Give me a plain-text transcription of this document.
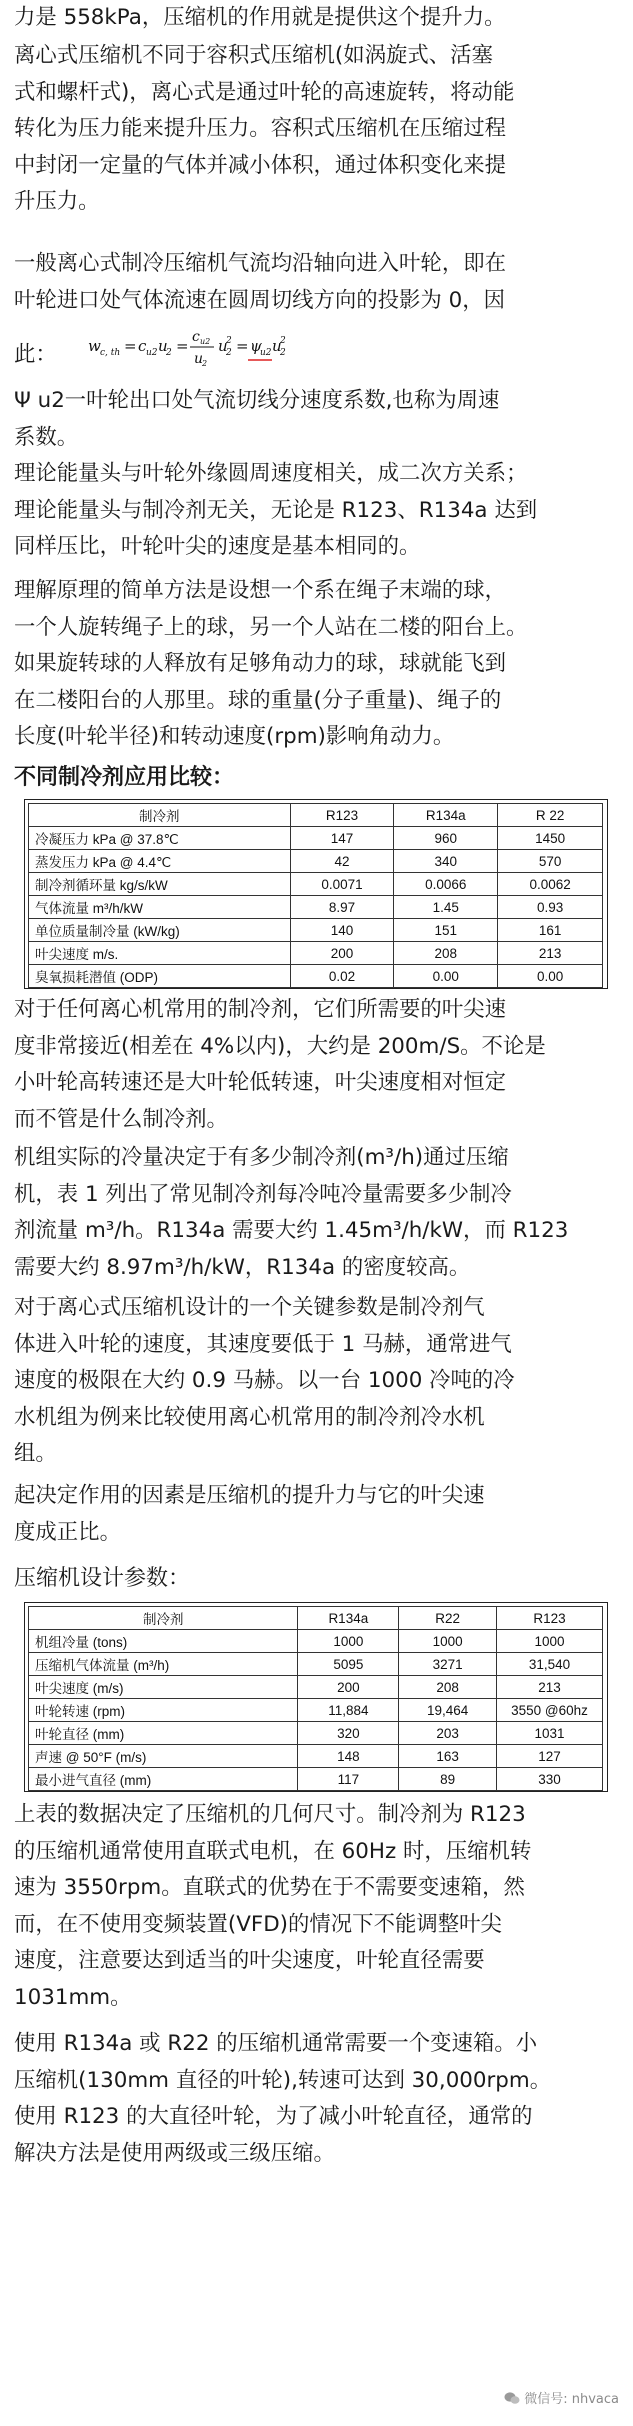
力是 558kPa，压缩机的作用就是提供这个提升力。
离心式压缩机不同于容积式压缩机(如涡旋式、活塞
式和螺杆式)，离心式是通过叶轮的高速旋转，将动能
转化为压力能来提升压力。容积式压缩机在压缩过程
中封闭一定量的气体并减小体积，通过体积变化来提
升压力。
一般离心式制冷压缩机气流均沿轴向进入叶轮，即在
叶轮进口处气体流速在圆周切线方向的投影为 0，因
此： w c, th = c u2 u
2 = c u2
u
2
u
2
2 = ψ
u2 u
2
2
Ψ u2一叶轮出口处气流切线分速度系数,也称为周速
系数。
理论能量头与叶轮外缘圆周速度相关，成二次方关系；
理论能量头与制冷剂无关，无论是 R123、R134a 达到
同样压比，叶轮叶尖的速度是基本相同的。
理解原理的简单方法是设想一个系在绳子末端的球，
一个人旋转绳子上的球，另一个人站在二楼的阳台上。
如果旋转球的人释放有足够角动力的球，球就能飞到
在二楼阳台的人那里。球的重量(分子重量)、绳子的
长度(叶轮半径)和转动速度(rpm)影响角动力。
不同制冷剂应用比较：
制冷剂	R123	R134a	R 22
冷凝压力 kPa @ 37.8℃	147	960	1450
蒸发压力 kPa @ 4.4℃	42	340	570
制冷剂循环量 kg/s/kW	0.0071	0.0066	0.0062
气体流量 m³/h/kW	8.97	1.45	0.93
单位质量制冷量 (kW/kg)	140	151	161
叶尖速度 m/s.	200	208	213
臭氧损耗潜值 (ODP)	0.02	0.00	0.00
对于任何离心机常用的制冷剂，它们所需要的叶尖速
度非常接近(相差在 4%以内)，大约是 200m/S。不论是
小叶轮高转速还是大叶轮低转速，叶尖速度相对恒定
而不管是什么制冷剂。
机组实际的冷量决定于有多少制冷剂(m³/h)通过压缩
机，表 1 列出了常见制冷剂每冷吨冷量需要多少制冷
剂流量 m³/h。R134a 需要大约 1.45m³/h/kW，而 R123
需要大约 8.97m³/h/kW，R134a 的密度较高。
对于离心式压缩机设计的一个关键参数是制冷剂气
体进入叶轮的速度，其速度要低于 1 马赫，通常进气
速度的极限在大约 0.9 马赫。以一台 1000 冷吨的冷
水机组为例来比较使用离心机常用的制冷剂冷水机
组。
起决定作用的因素是压缩机的提升力与它的叶尖速
度成正比。
压缩机设计参数：
制冷剂	R134a	R22	R123
机组冷量 (tons)	1000	1000	1000
压缩机气体流量 (m³/h)	5095	3271	31,540
叶尖速度 (m/s)	200	208	213
叶轮转速 (rpm)	11,884	19,464	3550 @60hz
叶轮直径 (mm)	320	203	1031
声速 @ 50°F (m/s)	148	163	127
最小进气直径 (mm)	117	89	330
上表的数据决定了压缩机的几何尺寸。制冷剂为 R123
的压缩机通常使用直联式电机，在 60Hz 时，压缩机转
速为 3550rpm。直联式的优势在于不需要变速箱，然
而，在不使用变频装置(VFD)的情况下不能调整叶尖
速度，注意要达到适当的叶尖速度，叶轮直径需要
1031mm。
使用 R134a 或 R22 的压缩机通常需要一个变速箱。小
压缩机(130mm 直径的叶轮),转速可达到 30,000rpm。
使用 R123 的大直径叶轮，为了减小叶轮直径，通常的
解决方法是使用两级或三级压缩。
微信号: nhvaca
